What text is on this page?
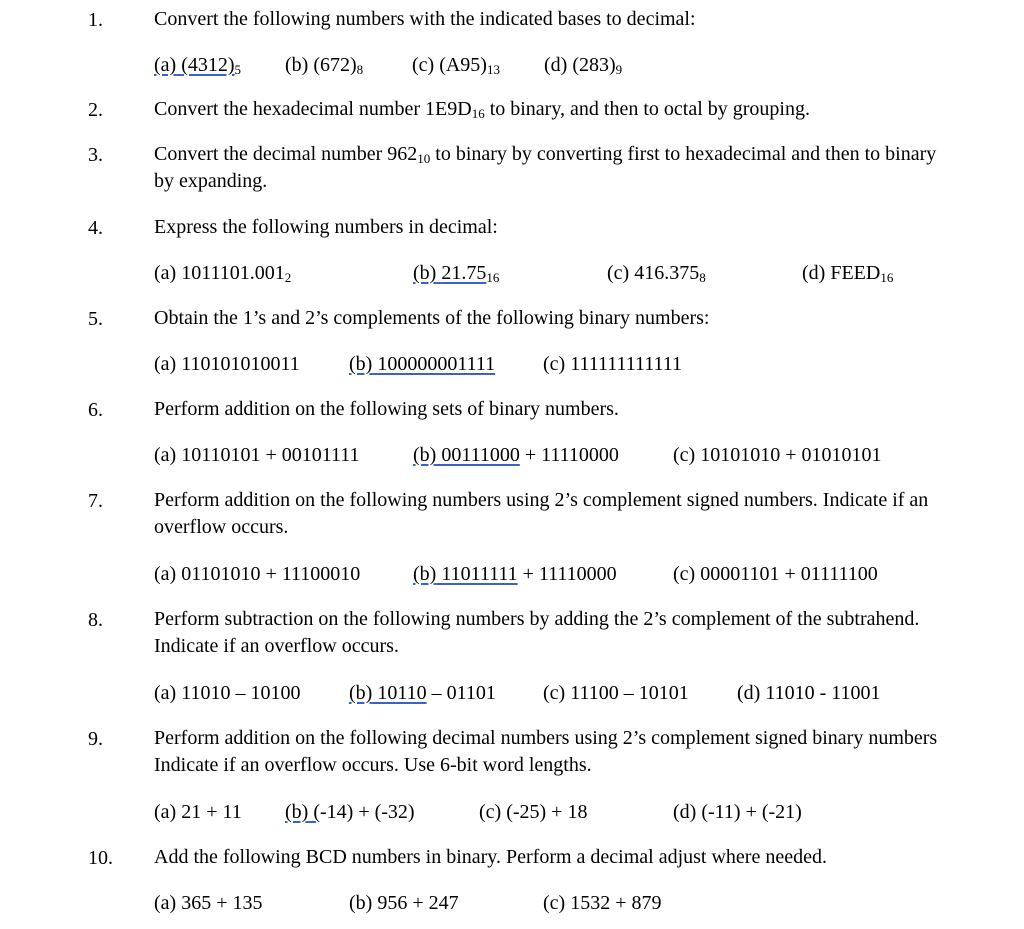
1.	Convert the following numbers with the indicated bases to decimal:
(a) $(4312)_5$ (b) $(672)_8$ (c) $(A95)_{13}$ (d) $(283)_9$
2.	Convert the hexadecimal number $1E9D_{16}$ to binary, and then to octal by grouping.
3.	Convert the decimal number $962_{10}$ to binary by converting first to hexadecimal and then to binary by expanding.
4.	Express the following numbers in decimal:
(a) $1011101.001_2$	(b) $21.75_{16}$	(c) $416.375_8$	(d) $FEED_{16}$
5.	Obtain the 1’s and 2’s complements of the following binary numbers:
(a) 110101010011 (b) 100000001111 (c) 111111111111
6.	Perform addition on the following sets of binary numbers.
(a) 10110101 + 00101111	(b) 00111000 + 11110000	(c) 10101010 + 01010101
7.	Perform addition on the following numbers using 2’s complement signed numbers. Indicate if an overflow occurs.
(a) 01101010 + 11100010	(b) 11011111 + 11110000	(c) 00001101 + 01111100
8.	Perform subtraction on the following numbers by adding the 2’s complement of the subtrahend. Indicate if an overflow occurs.
(a) 11010 – 10100 (b) 10110 – 01101 (c) 11100 – 10101 (d) 11010 - 11001
9.	Perform addition on the following decimal numbers using 2’s complement signed binary numbers Indicate if an overflow occurs. Use 6-bit word lengths.
(a) 21 + 11 (b) (-14) + (-32)	(c) (-25) + 18	(d) (-11) + (-21)
10. Add the following BCD numbers in binary. Perform a decimal adjust where needed.
(a) 365 + 135	(b) 956 + 247	(c) 1532 + 879
